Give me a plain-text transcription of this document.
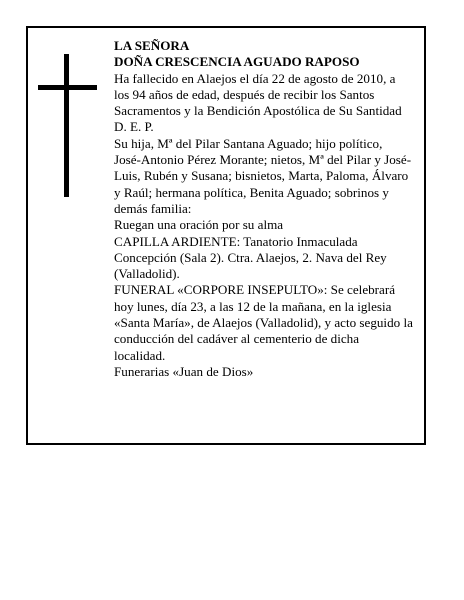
LA SEÑORA
DOÑA CRESCENCIA AGUADO RAPOSO
Ha fallecido en Alaejos el día 22 de agosto de 2010, a
los 94 años de edad, después de recibir los Santos
Sacramentos y la Bendición Apostólica de Su Santidad
D. E. P.
Su hija, Mª del Pilar Santana Aguado; hijo político,
José-Antonio Pérez Morante; nietos, Mª del Pilar y José-
Luis, Rubén y Susana; bisnietos, Marta, Paloma, Álvaro
y Raúl; hermana política, Benita Aguado; sobrinos y
demás familia:
Ruegan una oración por su alma
CAPILLA ARDIENTE: Tanatorio Inmaculada
Concepción (Sala 2). Ctra. Alaejos, 2. Nava del Rey
(Valladolid).
FUNERAL «CORPORE INSEPULTO»: Se celebrará
hoy lunes, día 23, a las 12 de la mañana, en la iglesia
«Santa María», de Alaejos (Valladolid), y acto seguido la
conducción del cadáver al cementerio de dicha
localidad.
Funerarias «Juan de Dios»
